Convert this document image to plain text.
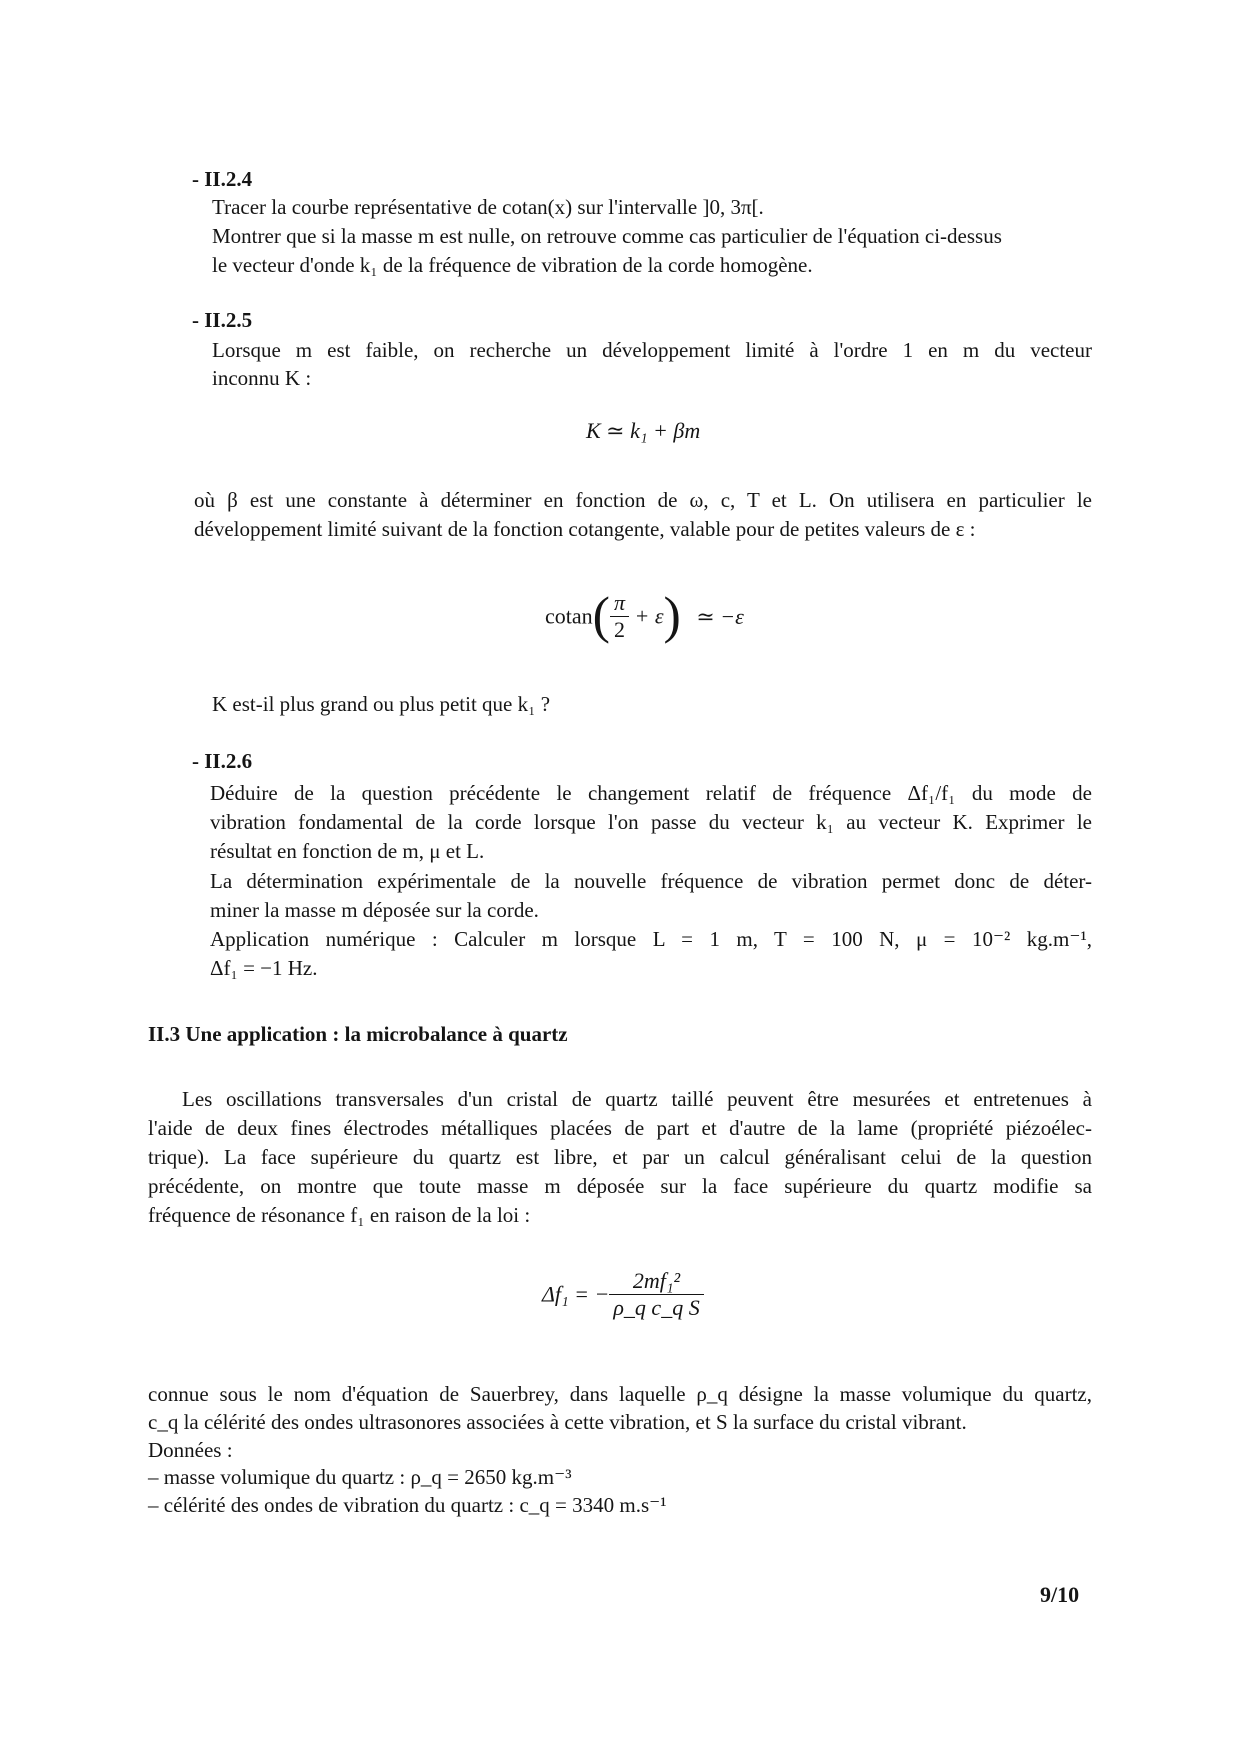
- II.2.4
Tracer la courbe représentative de cotan(x) sur l'intervalle ]0, 3π[.
Montrer que si la masse m est nulle, on retrouve comme cas particulier de l'équation ci-dessus
le vecteur d'onde k₁ de la fréquence de vibration de la corde homogène.
- II.2.5
Lorsque m est faible, on recherche un développement limité à l'ordre 1 en m du vecteur
inconnu K :
K ≃ k₁ + βm
où β est une constante à déterminer en fonction de ω, c, T et L. On utilisera en particulier le
développement limité suivant de la fonction cotangente, valable pour de petites valeurs de ε :
$cotan( \frac{\pi}{2} + \varepsilon)$ ≃ −ε
K est-il plus grand ou plus petit que k₁ ?
- II.2.6
Déduire de la question précédente le changement relatif de fréquence Δf₁/f₁ du mode de
vibration fondamental de la corde lorsque l'on passe du vecteur k₁ au vecteur K. Exprimer le
résultat en fonction de m, μ et L.
La détermination expérimentale de la nouvelle fréquence de vibration permet donc de déter-
miner la masse m déposée sur la corde.
Application numérique : Calculer m lorsque L = 1 m, T = 100 N, μ = 10⁻² kg.m⁻¹,
Δf₁ = −1 Hz.
II.3 Une application : la microbalance à quartz
Les oscillations transversales d'un cristal de quartz taillé peuvent être mesurées et entretenues à
l'aide de deux fines électrodes métalliques placées de part et d'autre de la lame (propriété piézoélec-
trique). La face supérieure du quartz est libre, et par un calcul généralisant celui de la question
précédente, on montre que toute masse m déposée sur la face supérieure du quartz modifie sa
fréquence de résonance f₁ en raison de la loi :
Δf₁ = − $\frac{\text{2mf₁²}}{\text{ρ\_q c\_q S}}$
connue sous le nom d'équation de Sauerbrey, dans laquelle ρ_q désigne la masse volumique du quartz,
c_q la célérité des ondes ultrasonores associées à cette vibration, et S la surface du cristal vibrant.
Données :
– masse volumique du quartz : ρ_q = 2650 kg.m⁻³
– célérité des ondes de vibration du quartz : c_q = 3340 m.s⁻¹
9/10
